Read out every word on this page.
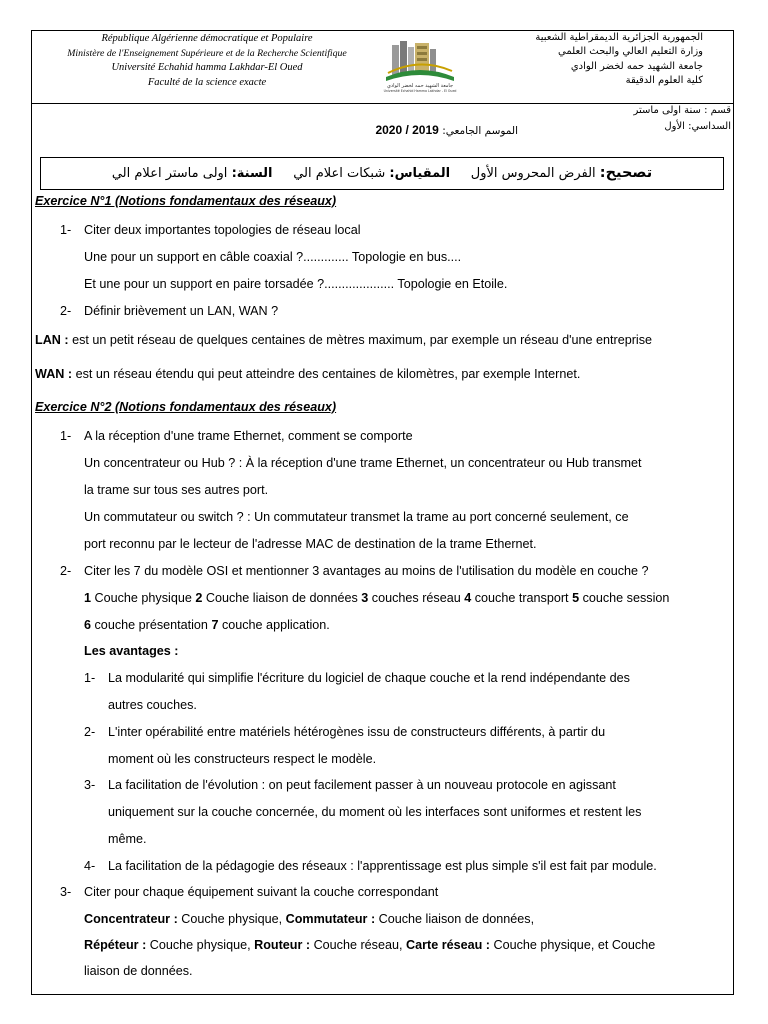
République Algérienne démocratique et Populaire
Ministère de l'Enseignement Supérieure et de la Recherche Scientifique
Université Echahid hamma Lakhdar-El Oued
Faculté de la science exacte	جامعة الشهيد حمه لخضر الوادي
Université Echahid Hamma Lakhdar - El Oued
الجمهورية الجزائرية الديمقراطية الشعبية
وزارة التعليم العالي والبحث العلمي
جامعة الشهيد حمه لخضر الوادي
كلية العلوم الدقيقة
قسم : سنة اولى ماستر
السداسي: الأول
الموسم الجامعي: 2020 / 2019
تصحيح: الفرض المحروس الأول     المقياس: شبكات اعلام الي     السنة: اولى ماستر اعلام الي
Exercice N°1 (Notions fondamentaux des réseaux)
1- Citer deux importantes topologies de réseau local
Une pour un support en câble coaxial ?............. Topologie en bus....
Et une pour un support en paire torsadée ?.................... Topologie en Etoile.
2- Définir brièvement un LAN, WAN ?
LAN : est un petit réseau de quelques centaines de mètres maximum, par exemple un réseau d'une entreprise
WAN : est un réseau étendu qui peut atteindre des centaines de kilomètres, par exemple Internet.
Exercice N°2 (Notions fondamentaux des réseaux)
1- A la réception d'une trame Ethernet, comment se comporte
Un concentrateur ou Hub ? : À la réception d'une trame Ethernet, un concentrateur ou Hub transmet
la trame sur tous ses autres port.
Un commutateur ou switch ? : Un commutateur transmet la trame au port concerné seulement, ce
port reconnu par le lecteur de l'adresse MAC de destination de la trame Ethernet.
2- Citer les 7 du modèle OSI et mentionner 3 avantages au moins de l'utilisation du modèle en couche ?
1 Couche physique 2 Couche liaison de données 3 couches réseau 4 couche transport 5 couche session
6 couche présentation 7 couche application.
Les avantages :
1- La modularité qui simplifie l'écriture du logiciel de chaque couche et la rend indépendante des
autres couches.
2- L'inter opérabilité entre matériels hétérogènes issu de constructeurs différents, à partir du
moment où les constructeurs respect le modèle.
3- La facilitation de l'évolution : on peut facilement passer à un nouveau protocole en agissant
uniquement sur la couche concernée, du moment où les interfaces sont uniformes et restent les
même.
4- La facilitation de la pédagogie des réseaux : l'apprentissage est plus simple s'il est fait par module.
3- Citer pour chaque équipement suivant la couche correspondant
Concentrateur : Couche physique, Commutateur : Couche liaison de données,
Répéteur : Couche physique, Routeur : Couche réseau, Carte réseau : Couche physique, et Couche
liaison de données.
